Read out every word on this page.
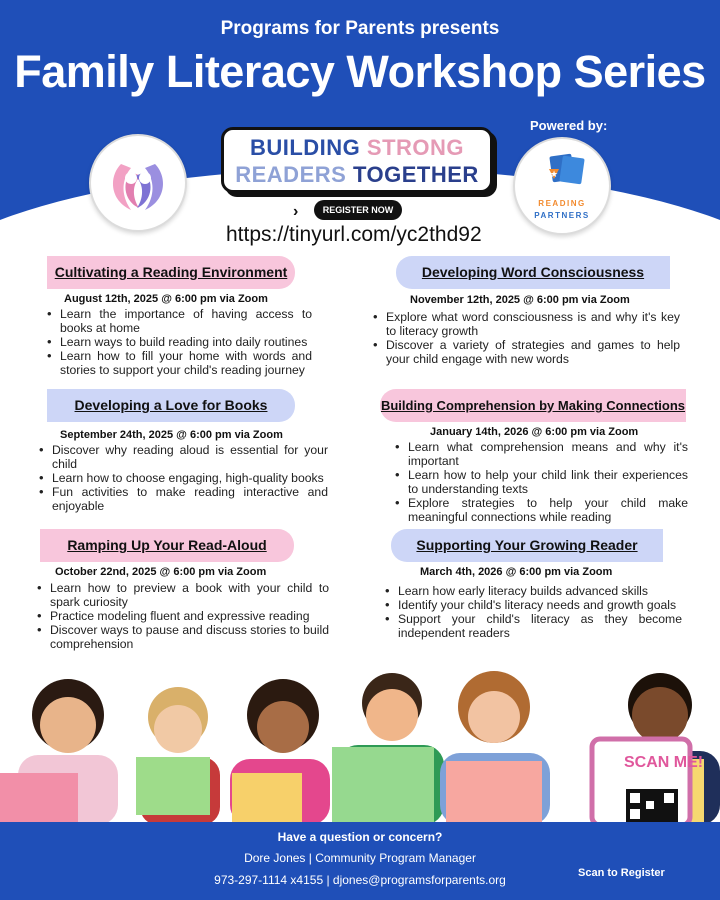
Programs for Parents presents
Family Literacy Workshop Series
Powered by:
BUILDING STRONG
READERS TOGETHER
›	REGISTER NOW
https://tinyurl.com/yc2thd92
★
READING
PARTNERS
Cultivating a Reading Environment
August 12th, 2025 @ 6:00 pm via Zoom
• Learn the importance of having access to books at home
• Learn ways to build reading into daily routines
• Learn how to fill your home with words and stories to support your child's reading journey
Developing Word Consciousness
November 12th, 2025 @ 6:00 pm via Zoom
• Explore what word consciousness is and why it's key to literacy growth
• Discover a variety of strategies and games to help your child engage with new words
Developing a Love for Books
September 24th, 2025 @ 6:00 pm via Zoom
• Discover why reading aloud is essential for your child
• Learn how to choose engaging, high-quality books
• Fun activities to make reading interactive and enjoyable
Building Comprehension by Making Connections
January 14th, 2026 @ 6:00 pm via Zoom
• Learn what comprehension means and why it's important
• Learn how to help your child link their experiences to understanding texts
• Explore strategies to help your child make meaningful connections while reading
Ramping Up Your Read-Aloud
October 22nd, 2025 @ 6:00 pm via Zoom
• Learn how to preview a book with your child to spark curiosity
• Practice modeling fluent and expressive reading
• Discover ways to pause and discuss stories to build comprehension
Supporting Your Growing Reader
March 4th, 2026 @ 6:00 pm via Zoom
• Learn how early literacy builds advanced skills
• Identify your child's literacy needs and growth goals
• Support your child's literacy as they become independent readers
SCAN ME!
Have a question or concern?
Dore Jones | Community Program Manager
973-297-1114 x4155 | djones@programsforparents.org	Scan to Register
